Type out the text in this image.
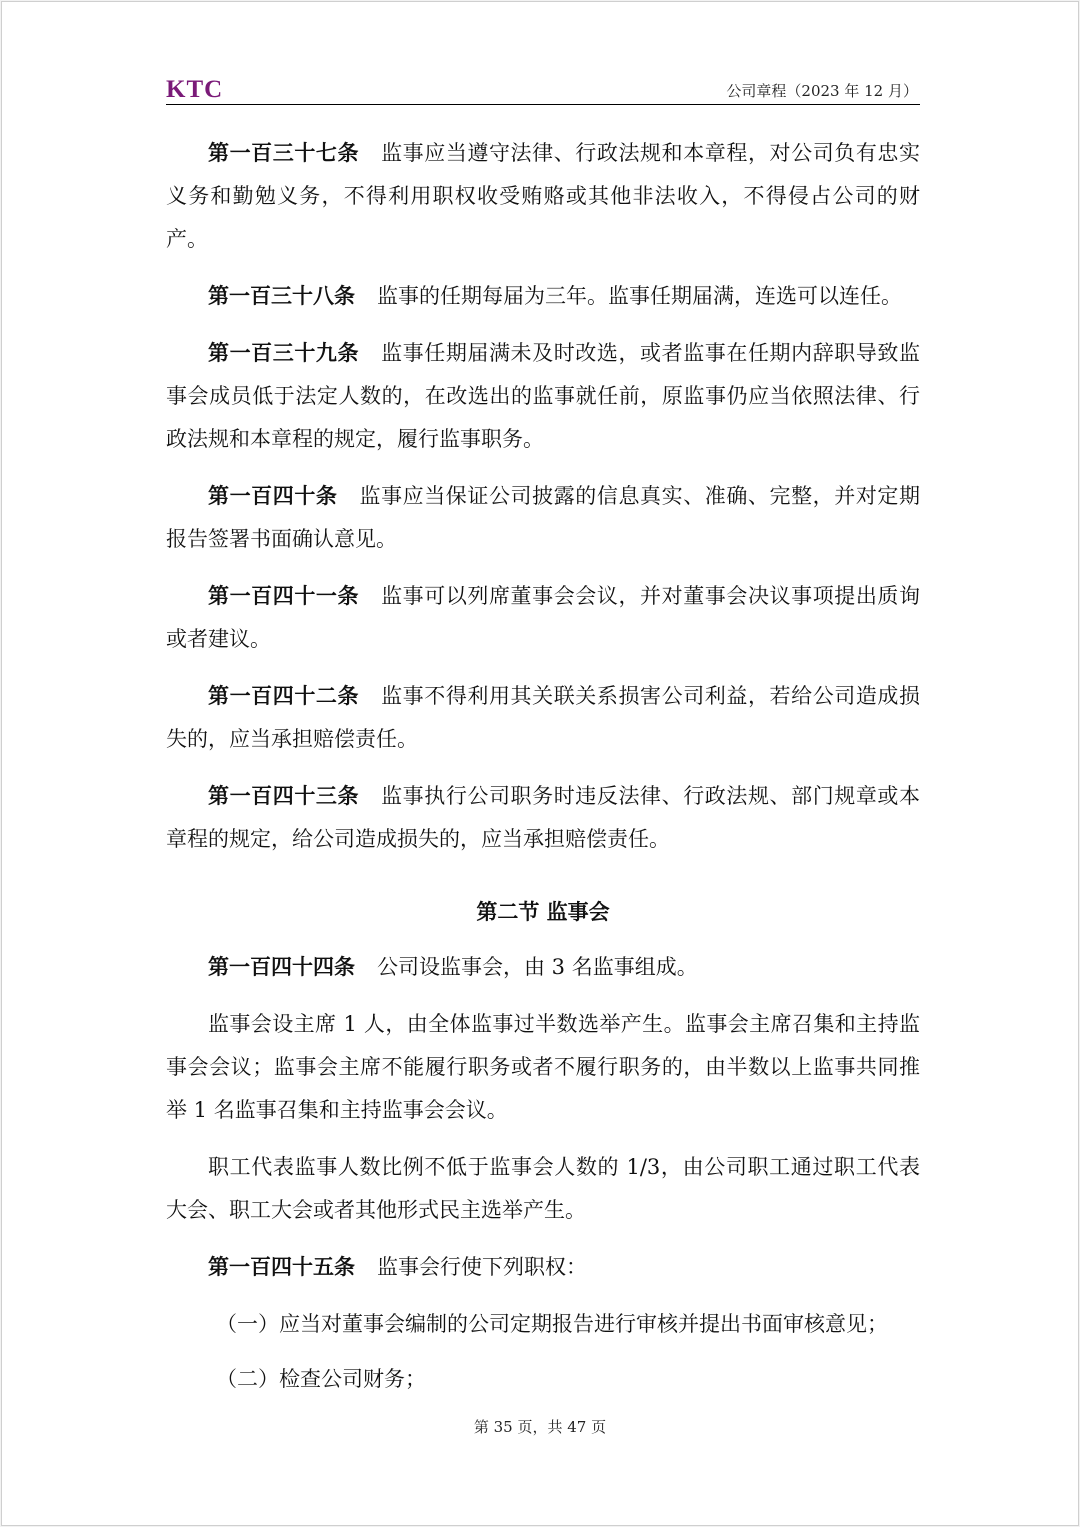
KTC	公司章程（2023 年 12 月）

第一百三十七条 监事应当遵守法律、行政法规和本章程，对公司负有忠实义务和勤勉义务，不得利用职权收受贿赂或其他非法收入，不得侵占公司的财产。

第一百三十八条 监事的任期每届为三年。监事任期届满，连选可以连任。

第一百三十九条 监事任期届满未及时改选，或者监事在任期内辞职导致监事会成员低于法定人数的，在改选出的监事就任前，原监事仍应当依照法律、行政法规和本章程的规定，履行监事职务。

第一百四十条 监事应当保证公司披露的信息真实、准确、完整，并对定期报告签署书面确认意见。

第一百四十一条 监事可以列席董事会会议，并对董事会决议事项提出质询或者建议。

第一百四十二条 监事不得利用其关联关系损害公司利益，若给公司造成损失的，应当承担赔偿责任。

第一百四十三条 监事执行公司职务时违反法律、行政法规、部门规章或本章程的规定，给公司造成损失的，应当承担赔偿责任。

第二节 监事会

第一百四十四条 公司设监事会，由 3 名监事组成。

监事会设主席 1 人，由全体监事过半数选举产生。监事会主席召集和主持监事会会议；监事会主席不能履行职务或者不履行职务的，由半数以上监事共同推举 1 名监事召集和主持监事会会议。

职工代表监事人数比例不低于监事会人数的 1/3，由公司职工通过职工代表大会、职工大会或者其他形式民主选举产生。

第一百四十五条 监事会行使下列职权：

（一）应当对董事会编制的公司定期报告进行审核并提出书面审核意见；

（二）检查公司财务；

第 35 页，共 47 页
